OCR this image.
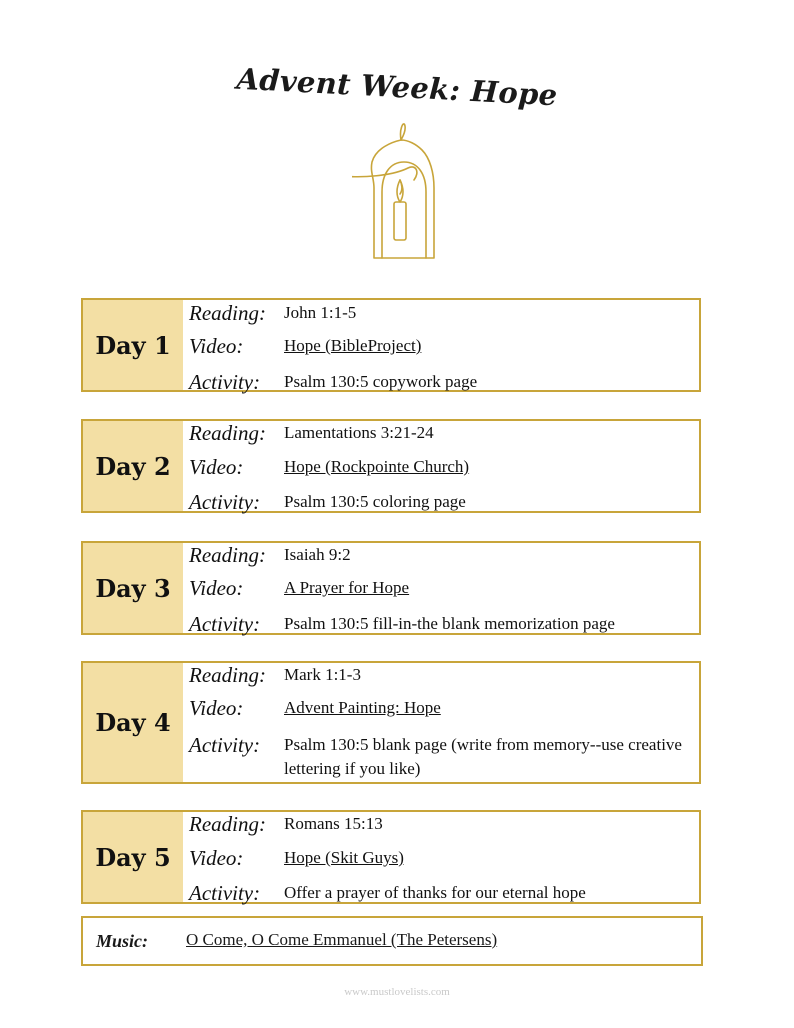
Advent Week: Hope
Day 1
Reading: John 1:1-5
Video: Hope (BibleProject)
Activity: Psalm 130:5 copywork page
Day 2
Reading: Lamentations 3:21-24
Video: Hope (Rockpointe Church)
Activity: Psalm 130:5 coloring page
Day 3
Reading: Isaiah 9:2
Video: A Prayer for Hope
Activity: Psalm 130:5 fill-in-the blank memorization page
Day 4
Reading: Mark 1:1-3
Video: Advent Painting: Hope
Activity: Psalm 130:5 blank page (write from memory--use creative lettering if you like)
Day 5
Reading: Romans 15:13
Video: Hope (Skit Guys)
Activity: Offer a prayer of thanks for our eternal hope
Music: O Come, O Come Emmanuel (The Petersens)
www.mustlovelists.com
